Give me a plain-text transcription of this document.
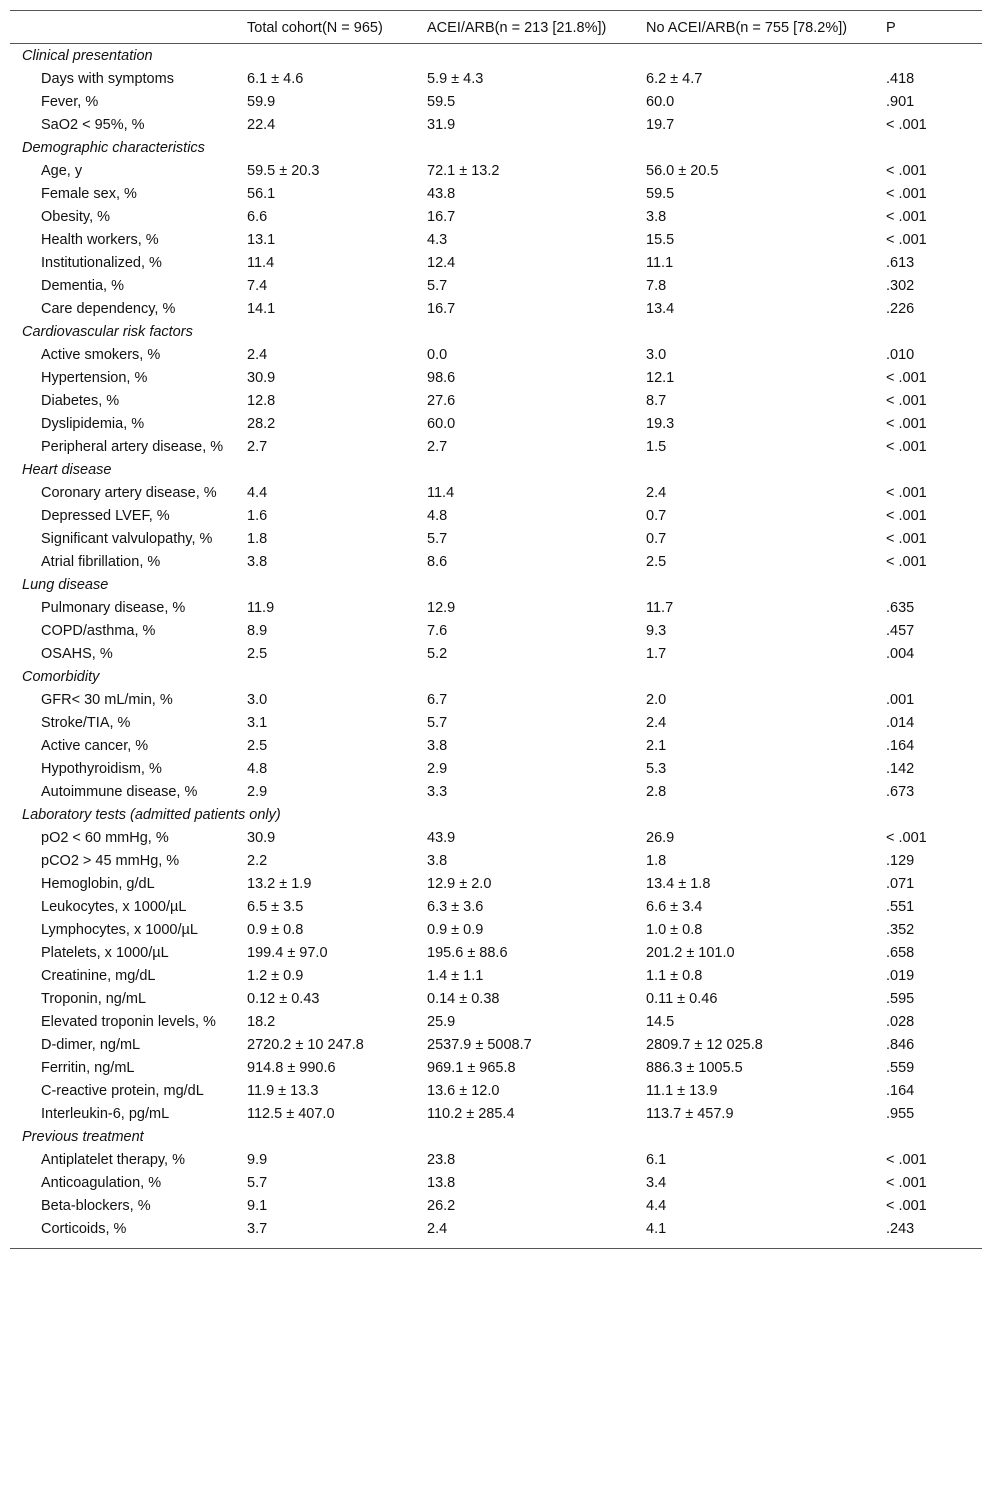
	Total cohort(N = 965)	ACEI/ARB(n = 213 [21.8%])	No ACEI/ARB(n = 755 [78.2%])	P
Clinical presentation				
Days with symptoms	6.1 ± 4.6	5.9 ± 4.3	6.2 ± 4.7	.418
Fever, %	59.9	59.5	60.0	.901
SaO2 < 95%, %	22.4	31.9	19.7	< .001
Demographic characteristics				
Age, y	59.5 ± 20.3	72.1 ± 13.2	56.0 ± 20.5	< .001
Female sex, %	56.1	43.8	59.5	< .001
Obesity, %	6.6	16.7	3.8	< .001
Health workers, %	13.1	4.3	15.5	< .001
Institutionalized, %	11.4	12.4	11.1	.613
Dementia, %	7.4	5.7	7.8	.302
Care dependency, %	14.1	16.7	13.4	.226
Cardiovascular risk factors				
Active smokers, %	2.4	0.0	3.0	.010
Hypertension, %	30.9	98.6	12.1	< .001
Diabetes, %	12.8	27.6	8.7	< .001
Dyslipidemia, %	28.2	60.0	19.3	< .001
Peripheral artery disease, %	2.7	2.7	1.5	< .001
Heart disease				
Coronary artery disease, %	4.4	11.4	2.4	< .001
Depressed LVEF, %	1.6	4.8	0.7	< .001
Significant valvulopathy, %	1.8	5.7	0.7	< .001
Atrial fibrillation, %	3.8	8.6	2.5	< .001
Lung disease				
Pulmonary disease, %	11.9	12.9	11.7	.635
COPD/asthma, %	8.9	7.6	9.3	.457
OSAHS, %	2.5	5.2	1.7	.004
Comorbidity				
GFR< 30 mL/min, %	3.0	6.7	2.0	.001
Stroke/TIA, %	3.1	5.7	2.4	.014
Active cancer, %	2.5	3.8	2.1	.164
Hypothyroidism, %	4.8	2.9	5.3	.142
Autoimmune disease, %	2.9	3.3	2.8	.673
Laboratory tests (admitted patients only)				
pO2 < 60 mmHg, %	30.9	43.9	26.9	< .001
pCO2 > 45 mmHg, %	2.2	3.8	1.8	.129
Hemoglobin, g/dL	13.2 ± 1.9	12.9 ± 2.0	13.4 ± 1.8	.071
Leukocytes, x 1000/µL	6.5 ± 3.5	6.3 ± 3.6	6.6 ± 3.4	.551
Lymphocytes, x 1000/µL	0.9 ± 0.8	0.9 ± 0.9	1.0 ± 0.8	.352
Platelets, x 1000/µL	199.4 ± 97.0	195.6 ± 88.6	201.2 ± 101.0	.658
Creatinine, mg/dL	1.2 ± 0.9	1.4 ± 1.1	1.1 ± 0.8	.019
Troponin, ng/mL	0.12 ± 0.43	0.14 ± 0.38	0.11 ± 0.46	.595
Elevated troponin levels, %	18.2	25.9	14.5	.028
D-dimer, ng/mL	2720.2 ± 10 247.8	2537.9 ± 5008.7	2809.7 ± 12 025.8	.846
Ferritin, ng/mL	914.8 ± 990.6	969.1 ± 965.8	886.3 ± 1005.5	.559
C-reactive protein, mg/dL	11.9 ± 13.3	13.6 ± 12.0	11.1 ± 13.9	.164
Interleukin-6, pg/mL	112.5 ± 407.0	110.2 ± 285.4	113.7 ± 457.9	.955
Previous treatment				
Antiplatelet therapy, %	9.9	23.8	6.1	< .001
Anticoagulation, %	5.7	13.8	3.4	< .001
Beta-blockers, %	9.1	26.2	4.4	< .001
Corticoids, %	3.7	2.4	4.1	.243
